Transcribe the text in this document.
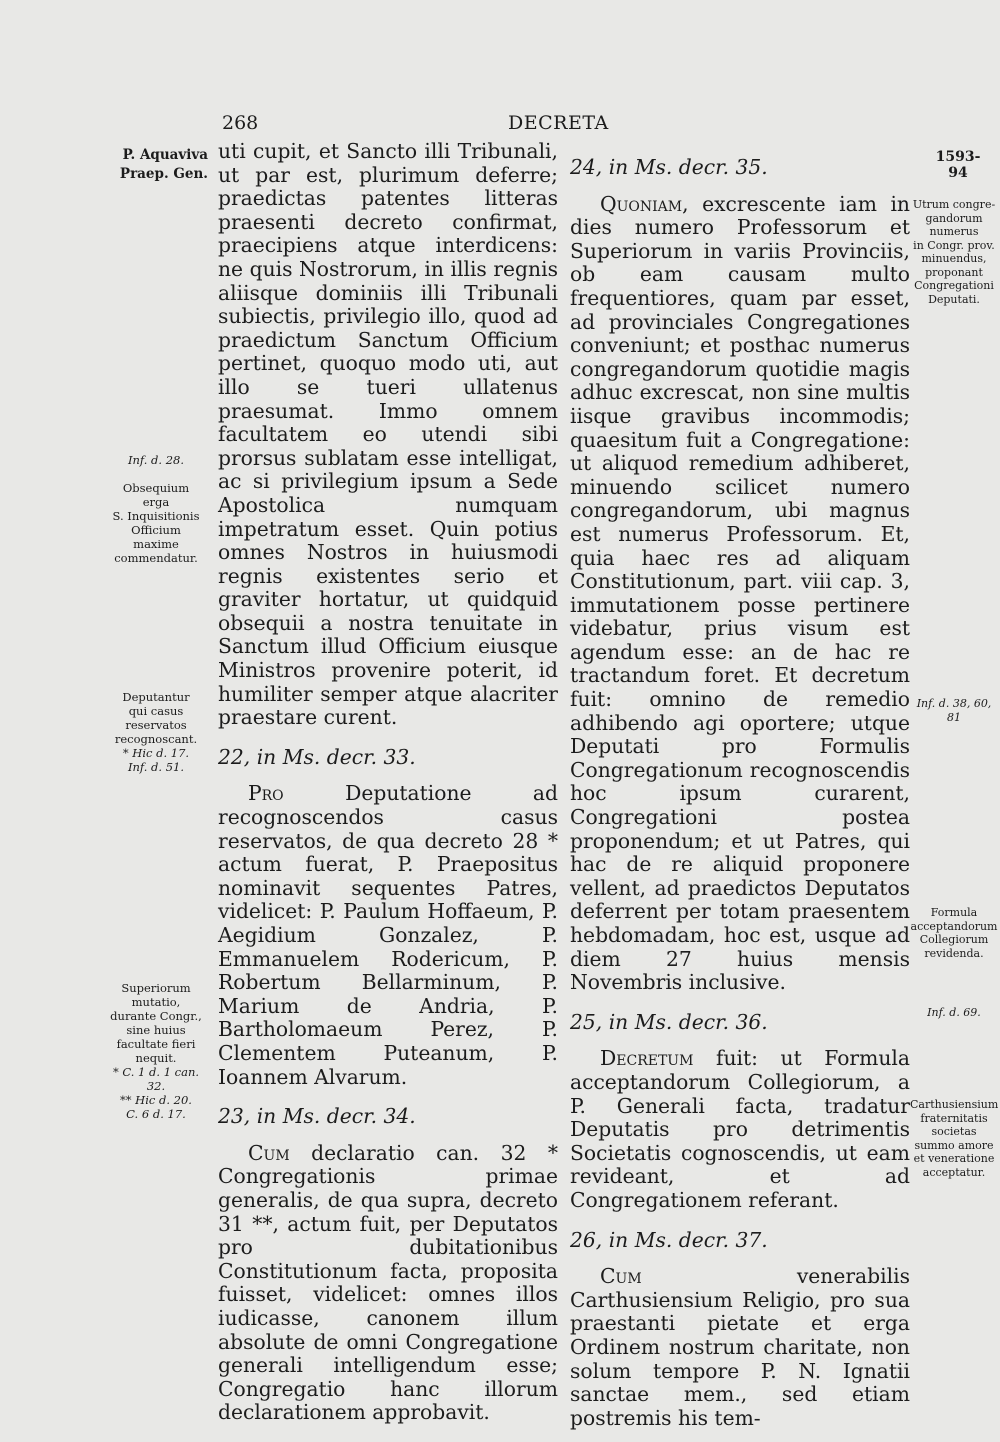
268	DECRETA
P. Aquaviva
Praep. Gen.
1593-94

uti cupit, et Sancto illi Tribunali, ut par est, plurimum deferre; praedictas patentes litteras praesenti decreto confirmat, praecipiens atque interdicens: ne quis Nostrorum, in illis regnis aliisque dominiis illi Tribunali subiectis, privilegio illo, quod ad praedictum Sanctum Officium pertinet, quoquo modo uti, aut illo se tueri ullatenus praesumat. Immo omnem facultatem eo utendi sibi prorsus sublatam esse intelligat, ac si privilegium ipsum a Sede Apostolica numquam impetratum esset. Quin potius omnes Nostros in huiusmodi regnis existentes serio et graviter hortatur, ut quidquid obsequii a nostra tenuitate in Sanctum illud Officium eiusque Ministros provenire poterit, id humiliter semper atque alacriter praestare curent.

22, in Ms. decr. 33.

Pro	Deputatione ad recognoscendos casus reservatos, de qua decreto 28 * actum fuerat, P. Praepositus nominavit sequentes Patres, videlicet: P. Paulum Hoffaeum, P. Aegidium Gonzalez, P. Emmanuelem Rodericum, P. Robertum Bellarminum, P. Marium de Andria, P. Bartholomaeum Perez, P. Clementem Puteanum, P. Ioannem Alvarum.

23, in Ms. decr. 34.

Cum declaratio can. 32 * Congregationis primae generalis, de qua supra, decreto 31 **, actum fuit, per Deputatos pro dubitationibus Constitutionum facta, proposita fuisset, videlicet: omnes illos iudicasse, canonem illum absolute de omni Congregatione generali intelligendum esse; Congregatio hanc illorum declarationem approbavit.

24, in Ms. decr. 35.

Quoniam, excrescente iam in dies numero Professorum et Superiorum in variis Provinciis, ob eam causam multo frequentiores, quam par esset, ad provinciales Congregationes conveniunt; et posthac numerus congregandorum quotidie magis adhuc excrescat, non sine multis iisque gravibus incommodis; quaesitum fuit a Congregatione: ut aliquod remedium adhiberet, minuendo scilicet numero congregandorum, ubi magnus est numerus Professorum. Et, quia haec res ad aliquam Constitutionum, part. viii cap. 3, immutationem posse pertinere videbatur, prius visum est agendum esse: an de hac re tractandum foret. Et decretum fuit: omnino de remedio adhibendo agi oportere; utque Deputati pro Formulis Congregationum recognoscendis hoc ipsum curarent, Congregationi postea proponendum; et ut Patres, qui hac de re aliquid proponere vellent, ad praedictos Deputatos deferrent per totam praesentem hebdomadam, hoc est, usque ad diem 27 huius mensis Novembris inclusive.

25, in Ms. decr. 36.

Decretum fuit: ut Formula acceptandorum Collegiorum, a P. Generali facta, tradatur Deputatis pro detrimentis Societatis cognoscendis, ut eam revideant, et ad Congregationem referant.

26, in Ms. decr. 37.

Cum	venerabilis Carthusiensium Religio, pro sua praestanti pietate et erga Ordinem nostrum charitate, non solum tempore P. N. Ignatii sanctae mem., sed etiam postremis his tem-

Inf. d. 28.
Obsequium
erga
S. Inquisitionis
Officium
maxime
commendatur.
Deputantur
qui casus
reservatos
recognoscant.
* Hic d. 17.
Inf. d. 51.
Superiorum
mutatio,
durante Congr.,
sine huius
facultate fieri
nequit.
* C. 1 d. 1 can. 32.
** Hic d. 20.
C. 6 d. 17.
Utrum congre-
gandorum
numerus
in Congr. prov.
minuendus,
proponant
Congregationi
Deputati.
Inf. d. 38, 60, 81
Formula
acceptandorum
Collegiorum
revidenda.
Inf. d. 69.
Carthusiensium
fraternitatis
societas
summo amore
et veneratione
acceptatur.
